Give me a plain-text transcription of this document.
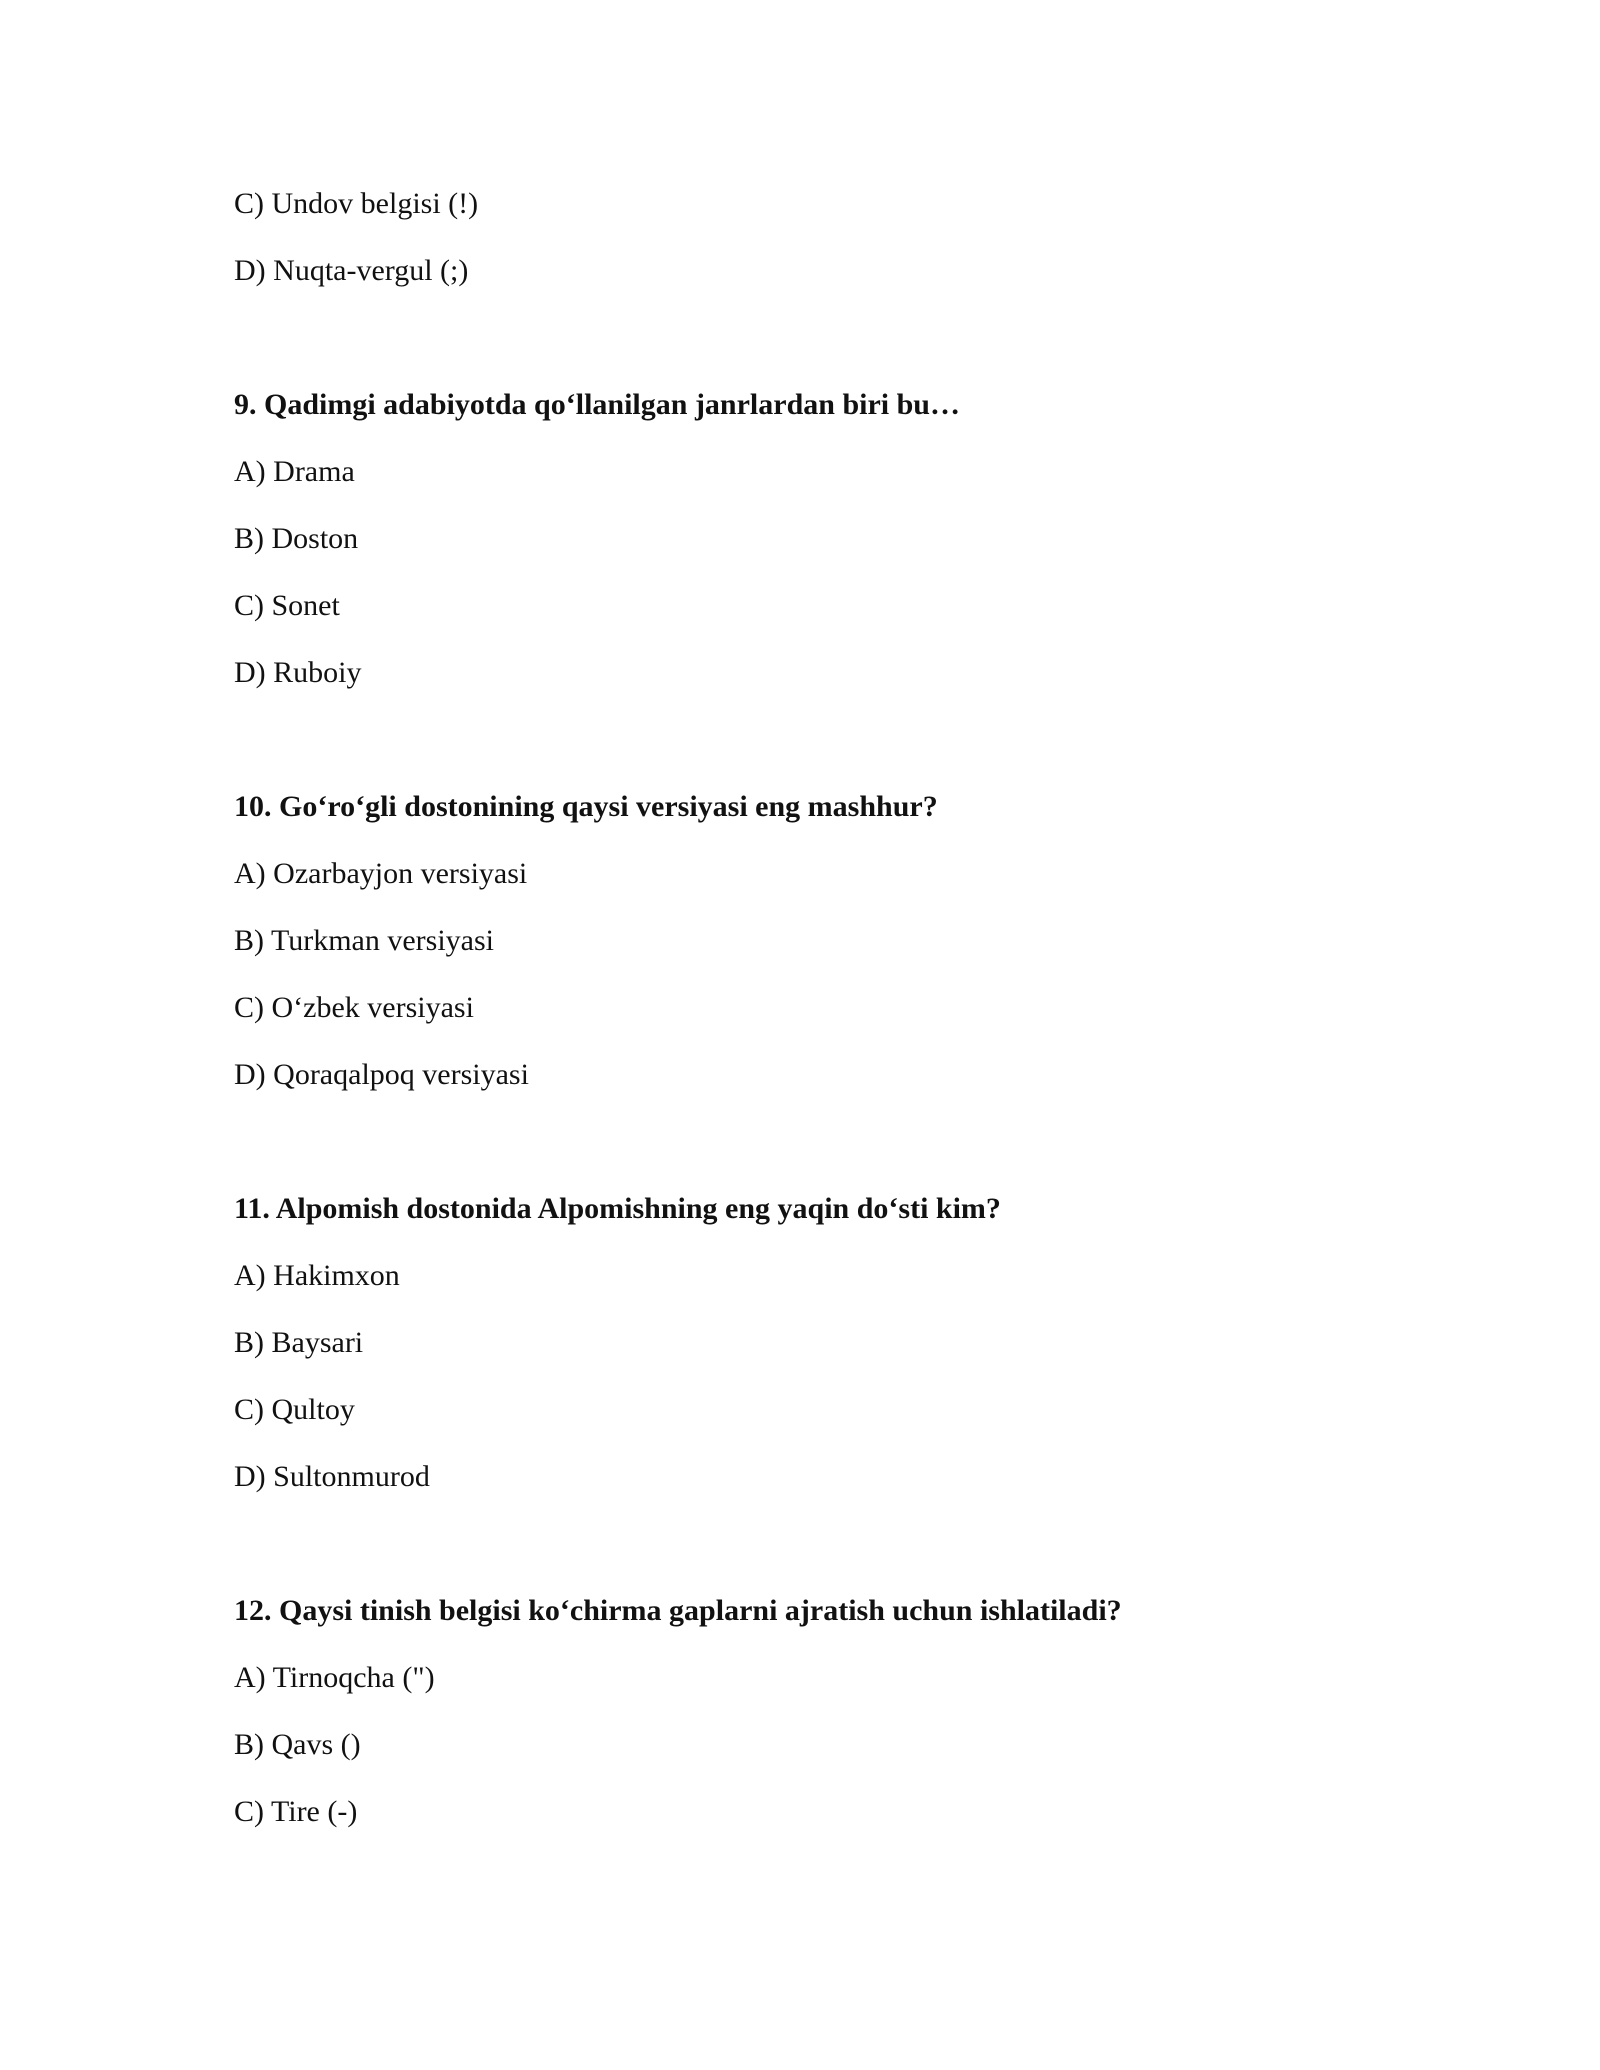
C) Undov belgisi (!)
D) Nuqta-vergul (;)
9. Qadimgi adabiyotda qo‘llanilgan janrlardan biri bu…
A) Drama
B) Doston
C) Sonet
D) Ruboiy
10. Go‘ro‘gli dostonining qaysi versiyasi eng mashhur?
A) Ozarbayjon versiyasi
B) Turkman versiyasi
C) O‘zbek versiyasi
D) Qoraqalpoq versiyasi
11. Alpomish dostonida Alpomishning eng yaqin do‘sti kim?
A) Hakimxon
B) Baysari
C) Qultoy
D) Sultonmurod
12. Qaysi tinish belgisi ko‘chirma gaplarni ajratish uchun ishlatiladi?
A) Tirnoqcha (")
B) Qavs ()
C) Tire (-)
